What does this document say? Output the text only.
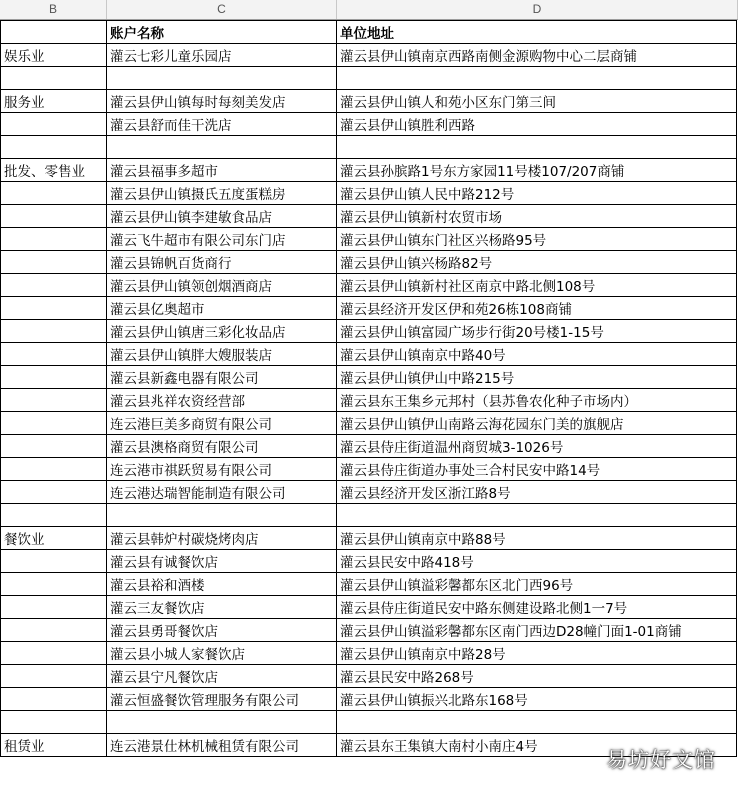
B	C	D
	账户名称	单位地址
娱乐业	灌云七彩儿童乐园店	灌云县伊山镇南京西路南侧金源购物中心二层商铺

服务业	灌云县伊山镇每时每刻美发店	灌云县伊山镇人和苑小区东门第三间
	灌云县舒而佳干洗店	灌云县伊山镇胜利西路

批发、零售业	灌云县福事多超市	灌云县孙膑路1号东方家园11号楼107/207商铺
	灌云县伊山镇摄氏五度蛋糕房	灌云县伊山镇人民中路212号
	灌云县伊山镇李建敏食品店	灌云县伊山镇新村农贸市场
	灌云飞牛超市有限公司东门店	灌云县伊山镇东门社区兴杨路95号
	灌云县锦帆百货商行	灌云县伊山镇兴杨路82号
	灌云县伊山镇领创烟酒商店	灌云县伊山镇新村社区南京中路北侧108号
	灌云县亿奥超市	灌云县经济开发区伊和苑26栋108商铺
	灌云县伊山镇唐三彩化妆品店	灌云县伊山镇富园广场步行街20号楼1-15号
	灌云县伊山镇胖大嫂服装店	灌云县伊山镇南京中路40号
	灌云县新鑫电器有限公司	灌云县伊山镇伊山中路215号
	灌云县兆祥农资经营部	灌云县东王集乡元邦村（县苏鲁农化种子市场内）
	连云港巨美多商贸有限公司	灌云县伊山镇伊山南路云海花园东门美的旗舰店
	灌云县澳格商贸有限公司	灌云县侍庄街道温州商贸城3-1026号
	连云港市祺跃贸易有限公司	灌云县侍庄街道办事处三合村民安中路14号
	连云港达瑞智能制造有限公司	灌云县经济开发区浙江路8号

餐饮业	灌云县韩炉村碳烧烤肉店	灌云县伊山镇南京中路88号
	灌云县有诚餐饮店	灌云县民安中路418号
	灌云县裕和酒楼	灌云县伊山镇溢彩馨都东区北门西96号
	灌云三友餐饮店	灌云县侍庄街道民安中路东侧建设路北侧1一7号
	灌云县勇哥餐饮店	灌云县伊山镇溢彩馨都东区南门西边D28幢门面1-01商铺
	灌云县小城人家餐饮店	灌云县伊山镇南京中路28号
	灌云县宁凡餐饮店	灌云县民安中路268号
	灌云恒盛餐饮管理服务有限公司	灌云县伊山镇振兴北路东168号

租赁业	连云港景仕林机械租赁有限公司	灌云县东王集镇大南村小南庄4号
易坊好文馆
